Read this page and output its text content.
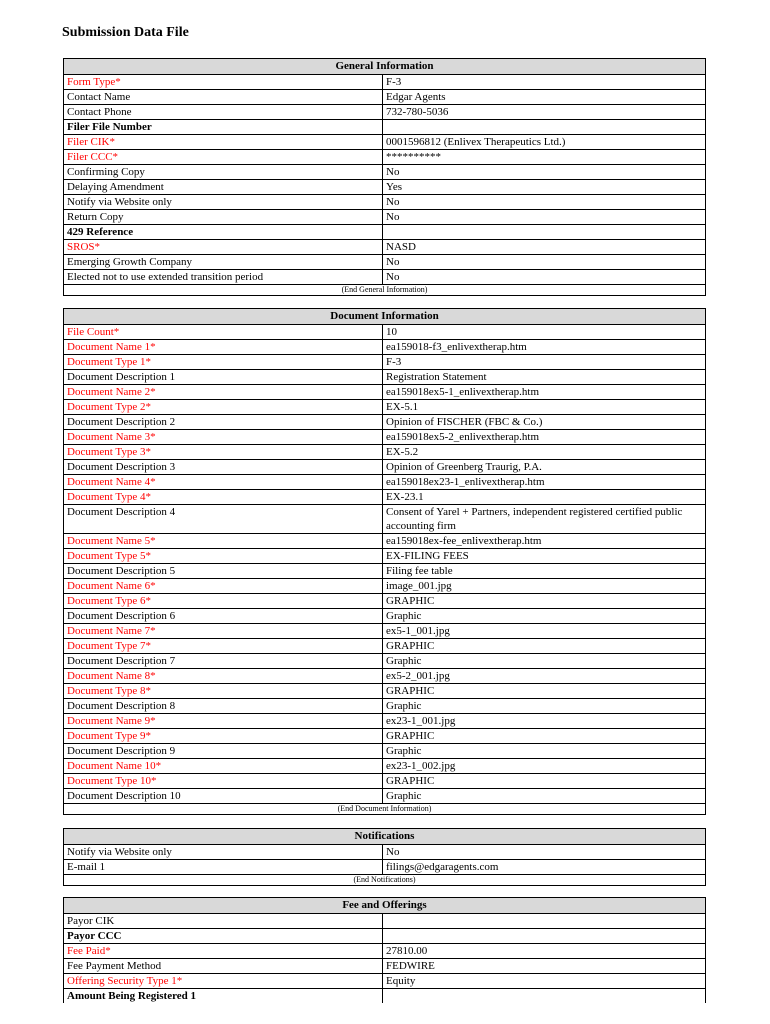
Submission Data File
General Information
Form Type*	F-3
Contact Name	Edgar Agents
Contact Phone	732-780-5036
Filer File Number
Filer CIK*	0001596812 (Enlivex Therapeutics Ltd.)
Filer CCC*	**********
Confirming Copy	No
Delaying Amendment	Yes
Notify via Website only	No
Return Copy	No
429 Reference
SROS*	NASD
Emerging Growth Company	No
Elected not to use extended transition period	No
(End General Information)
Document Information
File Count*	10
Document Name 1*	ea159018-f3_enlivextherap.htm
Document Type 1*	F-3
Document Description 1	Registration Statement
Document Name 2*	ea159018ex5-1_enlivextherap.htm
Document Type 2*	EX-5.1
Document Description 2	Opinion of FISCHER (FBC & Co.)
Document Name 3*	ea159018ex5-2_enlivextherap.htm
Document Type 3*	EX-5.2
Document Description 3	Opinion of Greenberg Traurig, P.A.
Document Name 4*	ea159018ex23-1_enlivextherap.htm
Document Type 4*	EX-23.1
Document Description 4	Consent of Yarel + Partners, independent registered certified public accounting firm
Document Name 5*	ea159018ex-fee_enlivextherap.htm
Document Type 5*	EX-FILING FEES
Document Description 5	Filing fee table
Document Name 6*	image_001.jpg
Document Type 6*	GRAPHIC
Document Description 6	Graphic
Document Name 7*	ex5-1_001.jpg
Document Type 7*	GRAPHIC
Document Description 7	Graphic
Document Name 8*	ex5-2_001.jpg
Document Type 8*	GRAPHIC
Document Description 8	Graphic
Document Name 9*	ex23-1_001.jpg
Document Type 9*	GRAPHIC
Document Description 9	Graphic
Document Name 10*	ex23-1_002.jpg
Document Type 10*	GRAPHIC
Document Description 10	Graphic
(End Document Information)
Notifications
Notify via Website only	No
E-mail 1	filings@edgaragents.com
(End Notifications)
Fee and Offerings
Payor CIK
Payor CCC
Fee Paid*	27810.00
Fee Payment Method	FEDWIRE
Offering Security Type 1*	Equity
Amount Being Registered 1
